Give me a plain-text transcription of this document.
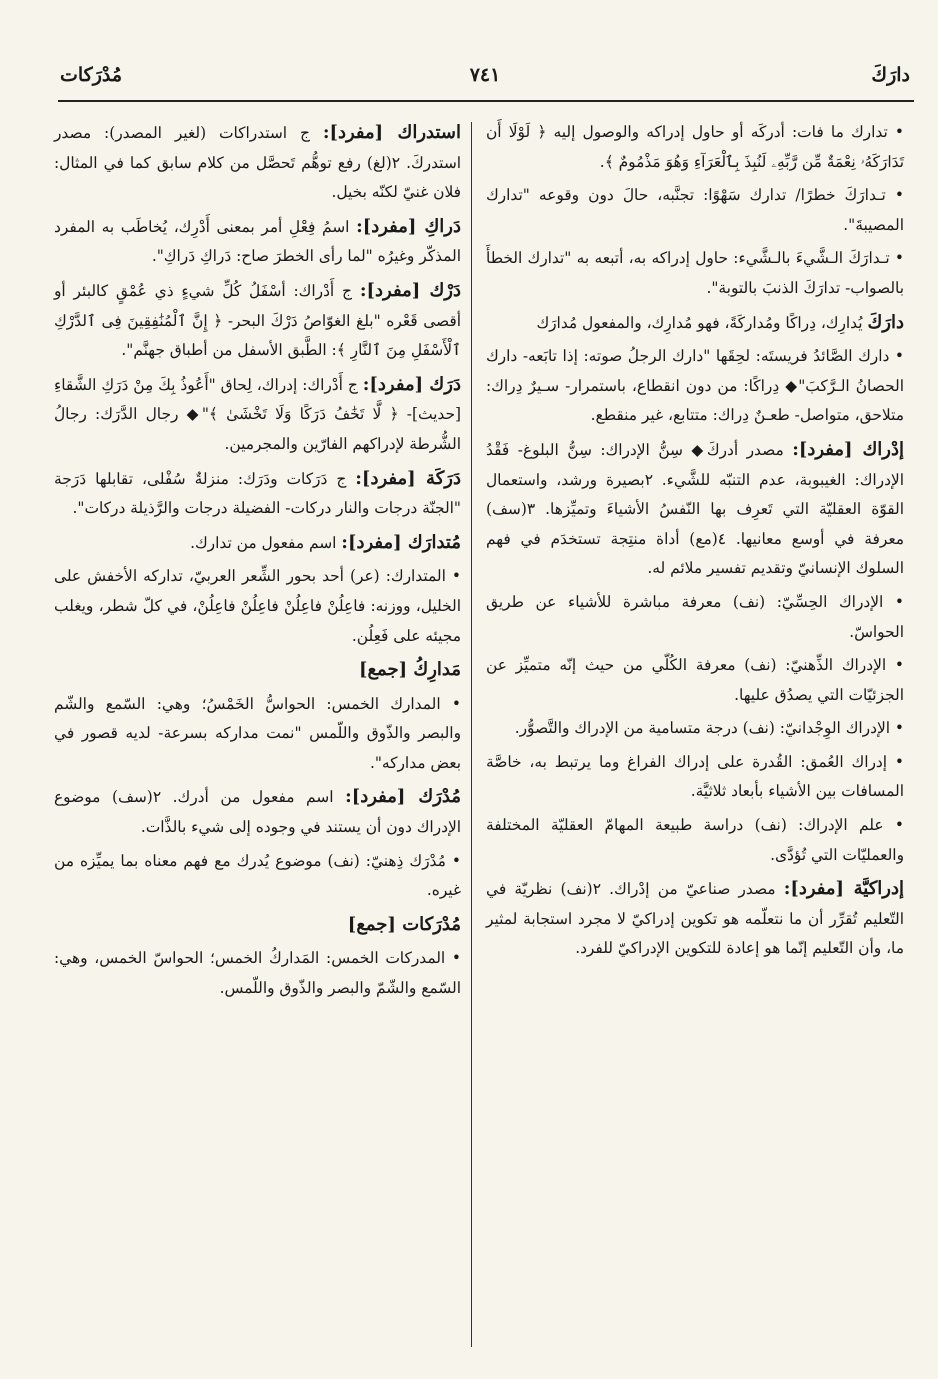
دارَكَ
٧٤١
مُدْرَكات

• تدارك ما فات: أدركَه أو حاول إدراكه والوصول إليه ﴿ لَوْلَا أَن تَدَارَكَهُۥ نِعْمَةٌ مِّن رَّبِّهِۦ لَنُبِذَ بِٱلْعَرَآءِ وَهُوَ مَذْمُومٌ ﴾.

• تـدارَكَ خطرًا/ تدارك سَهْوًا: تجنَّبه، حالَ دون وقوعه "تدارك المصيبةَ".

• تـدارَكَ الـشَّيءَ بالـشَّيء: حاول إدراكه به، أتبعه به "تدارك الخطأَ بالصواب- تدارَكَ الذنبَ بالتوبة".

دارَكَ يُدارِك، دِراكًا ومُداركَةً، فهو مُدارِك، والمفعول مُدارَك

• دارك الصَّائدُ فريستَه: لحِقَها "دارك الرجلُ صوته: إذا تابَعه- دارك الحصانُ الـرَّكبَ"◆ دِراكًا: من دون انقطاع، باستمرار- سـيرٌ دِراك: متلاحق، متواصل- طعـنٌ دِراك: متتابع، غير منقطع.

إدْراك [مفرد]: مصدر أدركَ◆ سِنُّ الإدراك: سِنُّ البلوغ- فَقْدُ الإدراك: الغيبوبة، عدم التنبّه للشَّيء. ٢بصيرة ورشد، واستعمال القوّة العقليّة التي تَعرِف بها النّفسُ الأشياءَ وتميِّزها. ٣(سف) معرفة في أوسع معانيها. ٤(مع) أداة منتِجة تستخدَم في فهم السلوك الإنسانيّ وتقديم تفسير ملائم له.

• الإدراك الحِسِّيّ: (نف) معرفة مباشرة للأشياء عن طريق الحواسّ.

• الإدراك الذِّهنيّ: (نف) معرفة الكُلّي من حيث إنّه متميِّز عن الجزئيّات التي يصدُق عليها.

• الإدراك الوِجْدانيّ: (نف) درجة متسامية من الإدراك والتَّصوُّر.

• إدراك العُمق: القُدرة على إدراك الفراغ وما يرتبط به، خاصَّة المسافات بين الأشياء بأبعاد ثلاثيَّة.

• علم الإدراك: (نف) دراسة طبيعة المهامّ العقليّة المختلفة والعمليّات التي تُؤدَّى.

إدراكيَّة [مفرد]: مصدر صناعيّ من إدْراك. ٢(نف) نظريّة في التّعليم تُقرِّر أن ما نتعلّمه هو تكوين إدراكيّ لا مجرد استجابة لمثير ما، وأن التّعليم إنّما هو إعادة للتكوين الإدراكيّ للفرد.

استدراك [مفرد]: ج استدراكات (لغير المصدر): مصدر استدركَ. ٢(لغ) رفع توهُّم تَحصَّل من كلام سابق كما في المثال: فلان غنيّ لكنّه بخيل.

دَراكِ [مفرد]: اسمُ فِعْلِ أمر بمعنى أَدْرِك، يُخاطَب به المفرد المذكّر وغيرُه "لما رأى الخطرَ صاح: دَراكِ دَراكِ".

دَرْك [مفرد]: ج أَدْراك: أسْفَلُ كُلِّ شيءٍ ذي عُمْقٍ كالبئر أو أقصى قَعْره "بلغ الغوّاصُ دَرْكَ البحر- ﴿ إِنَّ ٱلْمُنَٰفِقِينَ فِى ٱلدَّرْكِ ٱلْأَسْفَلِ مِنَ ٱلنَّارِ ﴾: الطَّبق الأسفل من أطباق جهنَّم".

دَرَك [مفرد]: ج أَدْراك: إدراك، لِحاق "أَعُوذُ بِكَ مِنْ دَرَكِ الشَّقاءِ [حديث]- ﴿ لَّا تَخَٰفُ دَرَكًا وَلَا تَخْشَىٰ ﴾"◆ رجال الدَّرَك: رجالُ الشُّرطة لإدراكهم الفارّين والمجرمين.

دَرَكَة [مفرد]: ج دَرَكات ودَرَك: منزلةٌ سُفْلى، تقابلها دَرَجة "الجنّة درجات والنار دركات- الفضيلة درجات والرَّذيلة دركات".

مُتدارَك [مفرد]: اسم مفعول من تدارك.

• المتدارك: (عر) أحد بحور الشِّعر العربيّ، تداركه الأخفش على الخليل، ووزنه: فاعِلُنْ فاعِلُنْ فاعِلُنْ فاعِلُنْ، في كلّ شطر، ويغلب مجيئه على فَعِلُن.

مَدارِكُ [جمع]

• المدارك الخمس: الحواسُّ الخَمْسُ؛ وهي: السّمع والشّم والبصر والذّوق واللّمس "نمت مداركه بسرعة- لديه قصور في بعض مداركه".

مُدْرَك [مفرد]: اسم مفعول من أدرك. ٢(سف) موضوع الإدراك دون أن يستند في وجوده إلى شيء بالذَّات.

• مُدْرَك ذِهنيّ: (نف) موضوع يُدرك مع فهم معناه بما يميِّزه من غيره.

مُدْرَكات [جمع]

• المدركات الخمس: المَداركُ الخمس؛ الحواسّ الخمس، وهي: السّمع والشّمّ والبصر والذّوق واللّمس.
